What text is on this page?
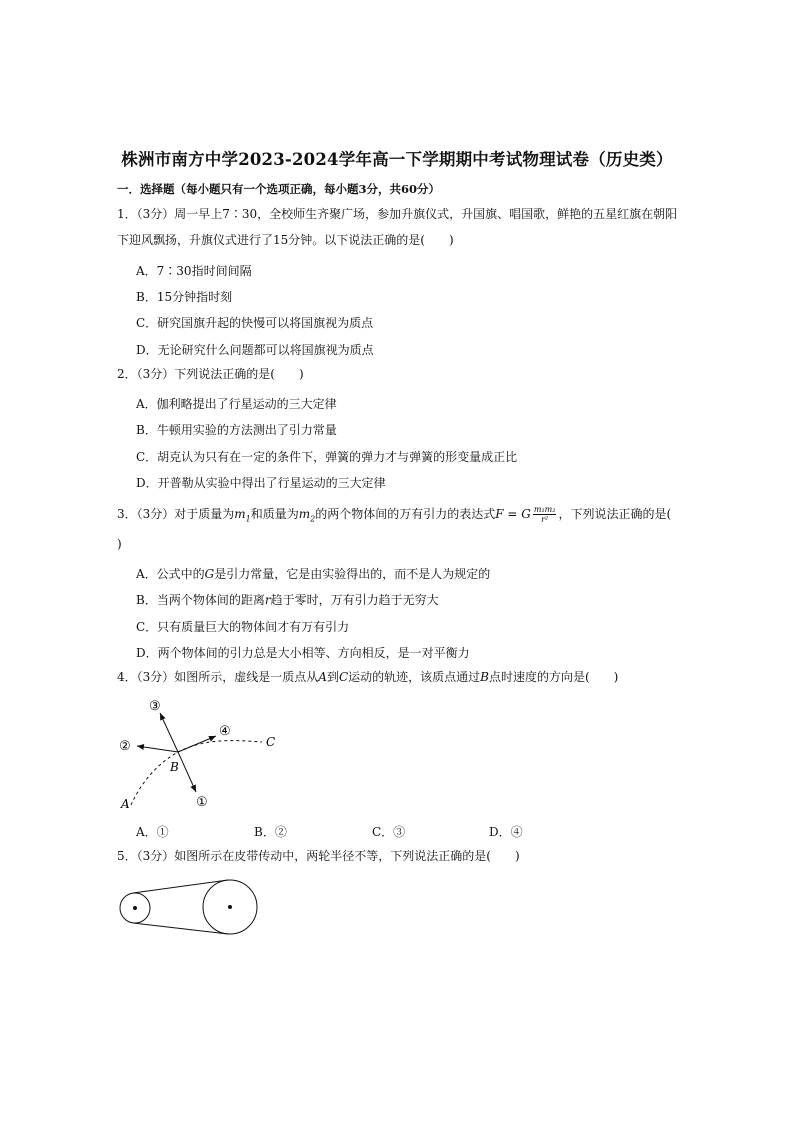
株洲市南方中学2023-2024学年高一下学期期中考试物理试卷（历史类）
一．选择题（每小题只有一个选项正确，每小题3分，共60分）
1．（3分）周一早上7∶30，全校师生齐聚广场，参加升旗仪式，升国旗、唱国歌，鲜艳的五星红旗在朝阳
下迎风飘扬，升旗仪式进行了15分钟。以下说法正确的是(　　)
A．7∶30指时间间隔
B．15分钟指时刻
C．研究国旗升起的快慢可以将国旗视为质点
D．无论研究什么问题都可以将国旗视为质点
2．（3分）下列说法正确的是(　　)
A．伽利略提出了行星运动的三大定律
B．牛顿用实验的方法测出了引力常量
C．胡克认为只有在一定的条件下，弹簧的弹力才与弹簧的形变量成正比
D．开普勒从实验中得出了行星运动的三大定律
3．（3分）对于质量为$m_1$和质量为$m_2$的两个物体间的万有引力的表达式F = G $\frac{\text{m₁m₂}}{\text{r²}}$ ，下列说法正确的是(
)
A．公式中的G是引力常量，它是由实验得出的，而不是人为规定的
B．当两个物体间的距离r趋于零时，万有引力趋于无穷大
C．只有质量巨大的物体间才有万有引力
D．两个物体间的引力总是大小相等、方向相反，是一对平衡力
4．（3分）如图所示，虚线是一质点从A到C运动的轨迹，该质点通过B点时速度的方向是(　　)
③
②
④
①
B
C
A
A．①	B．②	C．③	D．④
5．（3分）如图所示在皮带传动中，两轮半径不等，下列说法正确的是(　　)
